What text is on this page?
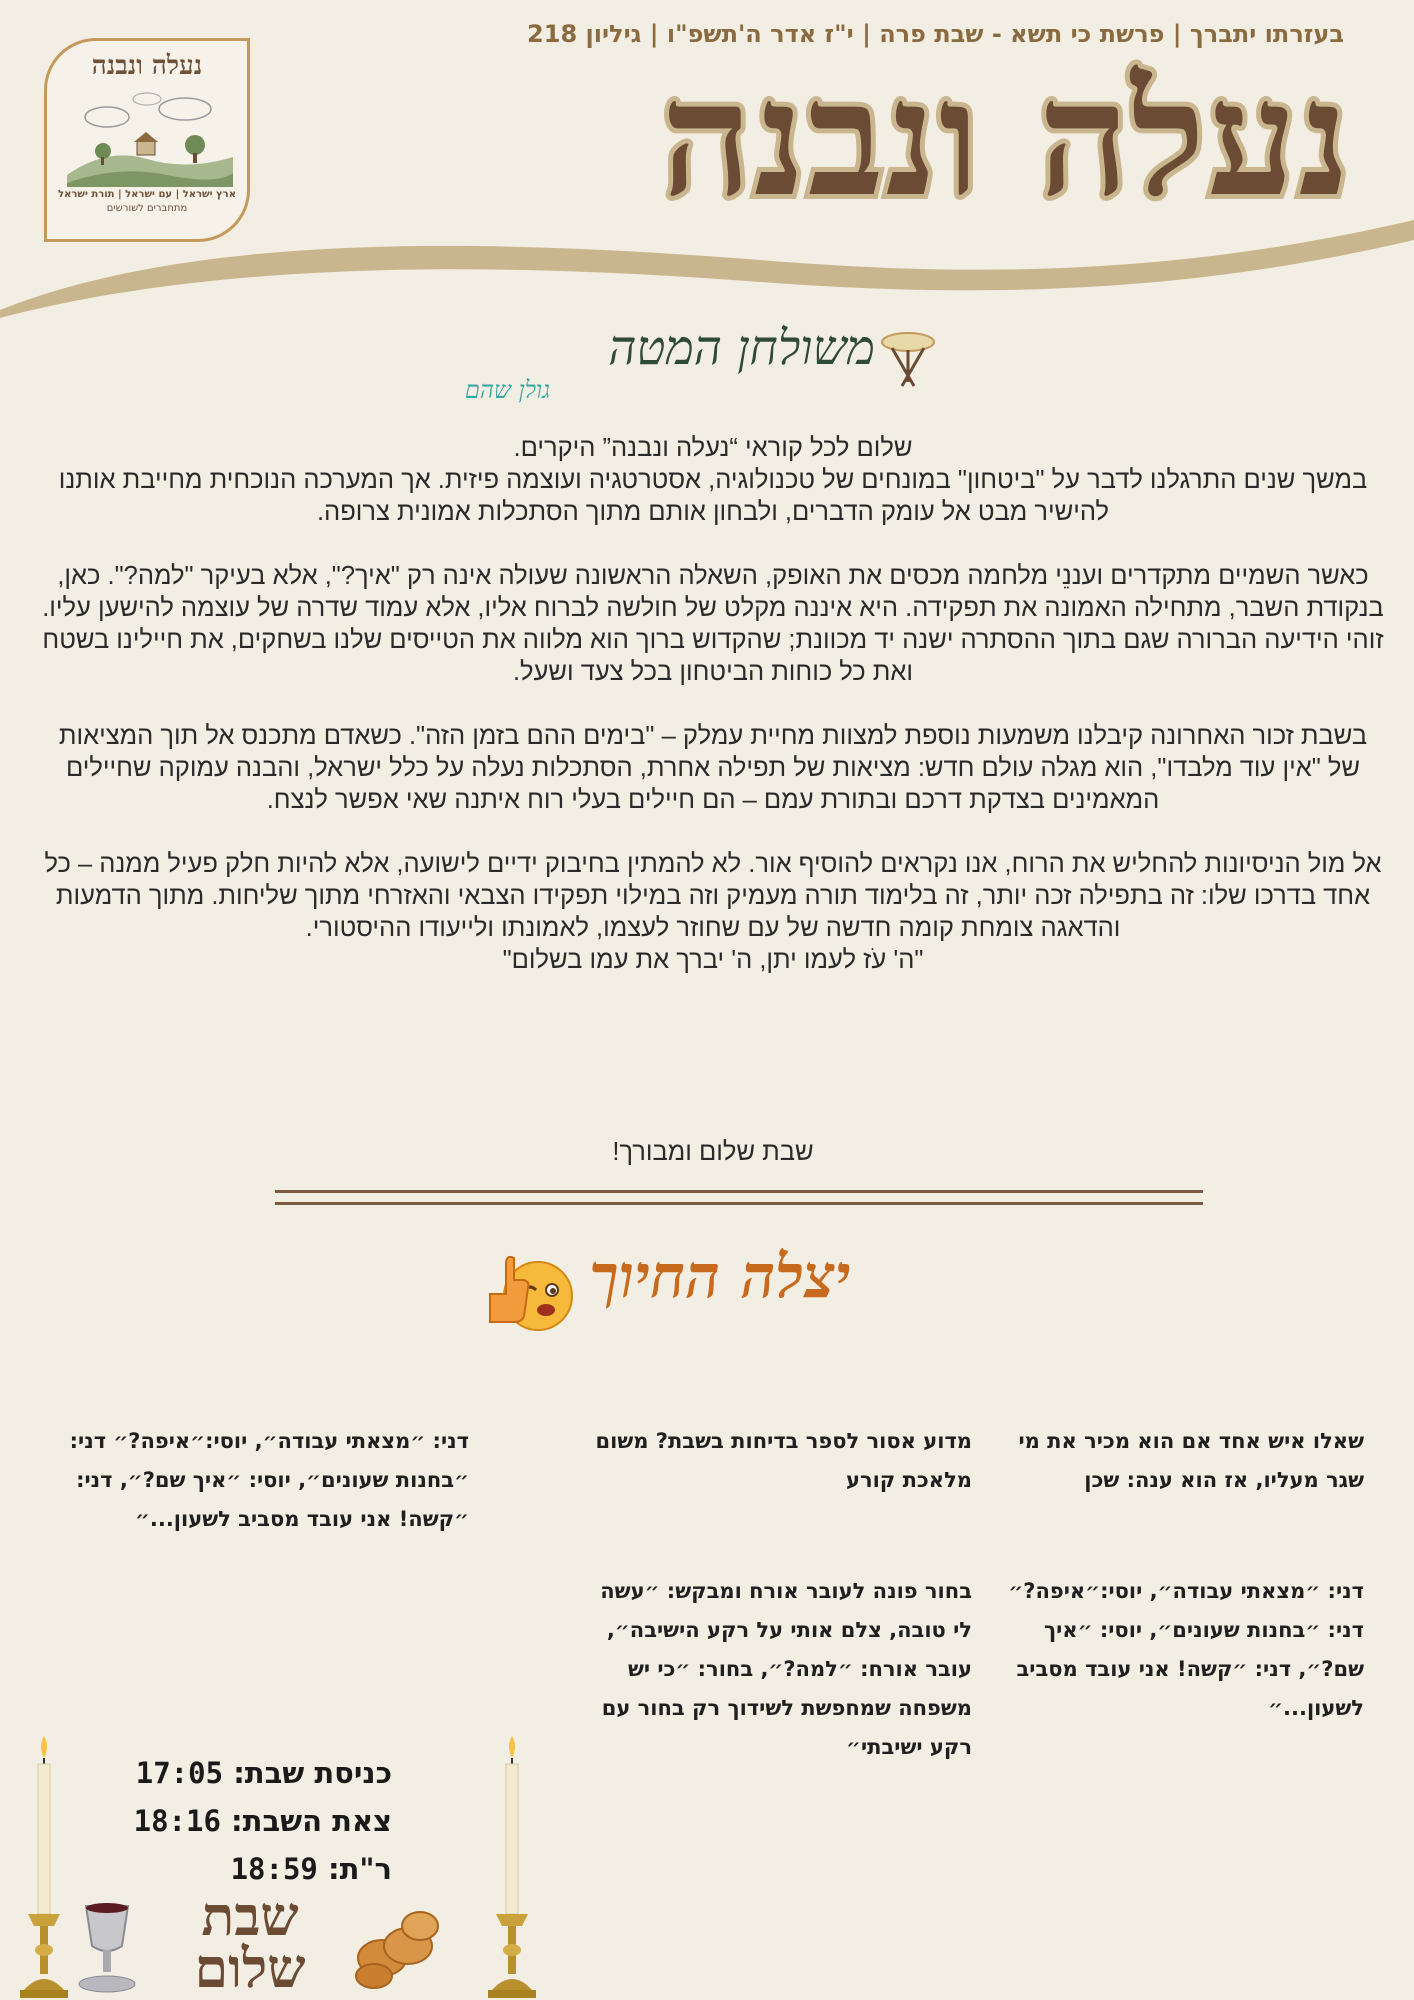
בעזרתו יתברך | פרשת כי תשא - שבת פרה | י"ז אדר ה'תשפ"ו | גיליון 218
נעלה ונבנה
ארץ ישראל | עם ישראל | תורת ישראל
מתחברים לשורשים	נעלה ונבנה
משולחן המטה
גולן שהם

שלום לכל קוראי “נעלה ונבנה” היקרים.
במשך שנים התרגלנו לדבר על "ביטחון" במונחים של טכנולוגיה, אסטרטגיה ועוצמה פיזית. אך המערכה הנוכחית מחייבת אותנו להישיר מבט אל עומק הדברים, ולבחון אותם מתוך הסתכלות אמונית צרופה.

כאשר השמיים מתקדרים ועננֵי מלחמה מכסים את האופק, השאלה הראשונה שעולה אינה רק "איך?", אלא בעיקר "למה?". כאן, בנקודת השבר, מתחילה האמונה את תפקידה. היא איננה מקלט של חולשה לברוח אליו, אלא עמוד שדרה של עוצמה להישען עליו. זוהי הידיעה הברורה שגם בתוך ההסתרה ישנה יד מכוונת; שהקדוש ברוך הוא מלווה את הטייסים שלנו בשחקים, את חיילינו בשטח ואת כל כוחות הביטחון בכל צעד ושעל.

בשבת זכור האחרונה קיבלנו משמעות נוספת למצוות מחיית עמלק – "בימים ההם בזמן הזה". כשאדם מתכנס אל תוך המציאות של "אין עוד מלבדו", הוא מגלה עולם חדש: מציאות של תפילה אחרת, הסתכלות נעלה על כלל ישראל, והבנה עמוקה שחיילים המאמינים בצדקת דרכם ובתורת עמם – הם חיילים בעלי רוח איתנה שאי אפשר לנצח.

אל מול הניסיונות להחליש את הרוח, אנו נקראים להוסיף אור. לא להמתין בחיבוק ידיים לישועה, אלא להיות חלק פעיל ממנה – כל אחד בדרכו שלו: זה בתפילה זכה יותר, זה בלימוד תורה מעמיק וזה במילוי תפקידו הצבאי והאזרחי מתוך שליחות. מתוך הדמעות והדאגה צומחת קומה חדשה של עם שחוזר לעצמו, לאמונתו ולייעודו ההיסטורי.
"ה' עֹז לעמו יתן, ה' יברך את עמו בשלום"

שבת שלום ומבורך!
יצלה החיוך
שאלו איש אחד אם הוא מכיר את מי שגר מעליו, אז הוא ענה: שכן
דני: ״מצאתי עבודה״, יוסי:״איפה?״ דני: ״בחנות שעונים״, יוסי: ״איך שם?״, דני: ״קשה! אני עובד מסביב לשעון...״
מדוע אסור לספר בדיחות בשבת? משום מלאכת קורע
בחור פונה לעובר אורח ומבקש: ״עשה לי טובה, צלם אותי על רקע הישיבה״, עובר אורח: ״למה?״, בחור: ״כי יש משפחה שמחפשת לשידוך רק בחור עם רקע ישיבתי״
דני: ״מצאתי עבודה״, יוסי:״איפה?״ דני: ״בחנות שעונים״, יוסי: ״איך שם?״, דני: ״קשה! אני עובד מסביב לשעון...״
כניסת שבת: 17:05
צאת השבת: 18:16
ר"ת: 18:59
שבת
שלום
